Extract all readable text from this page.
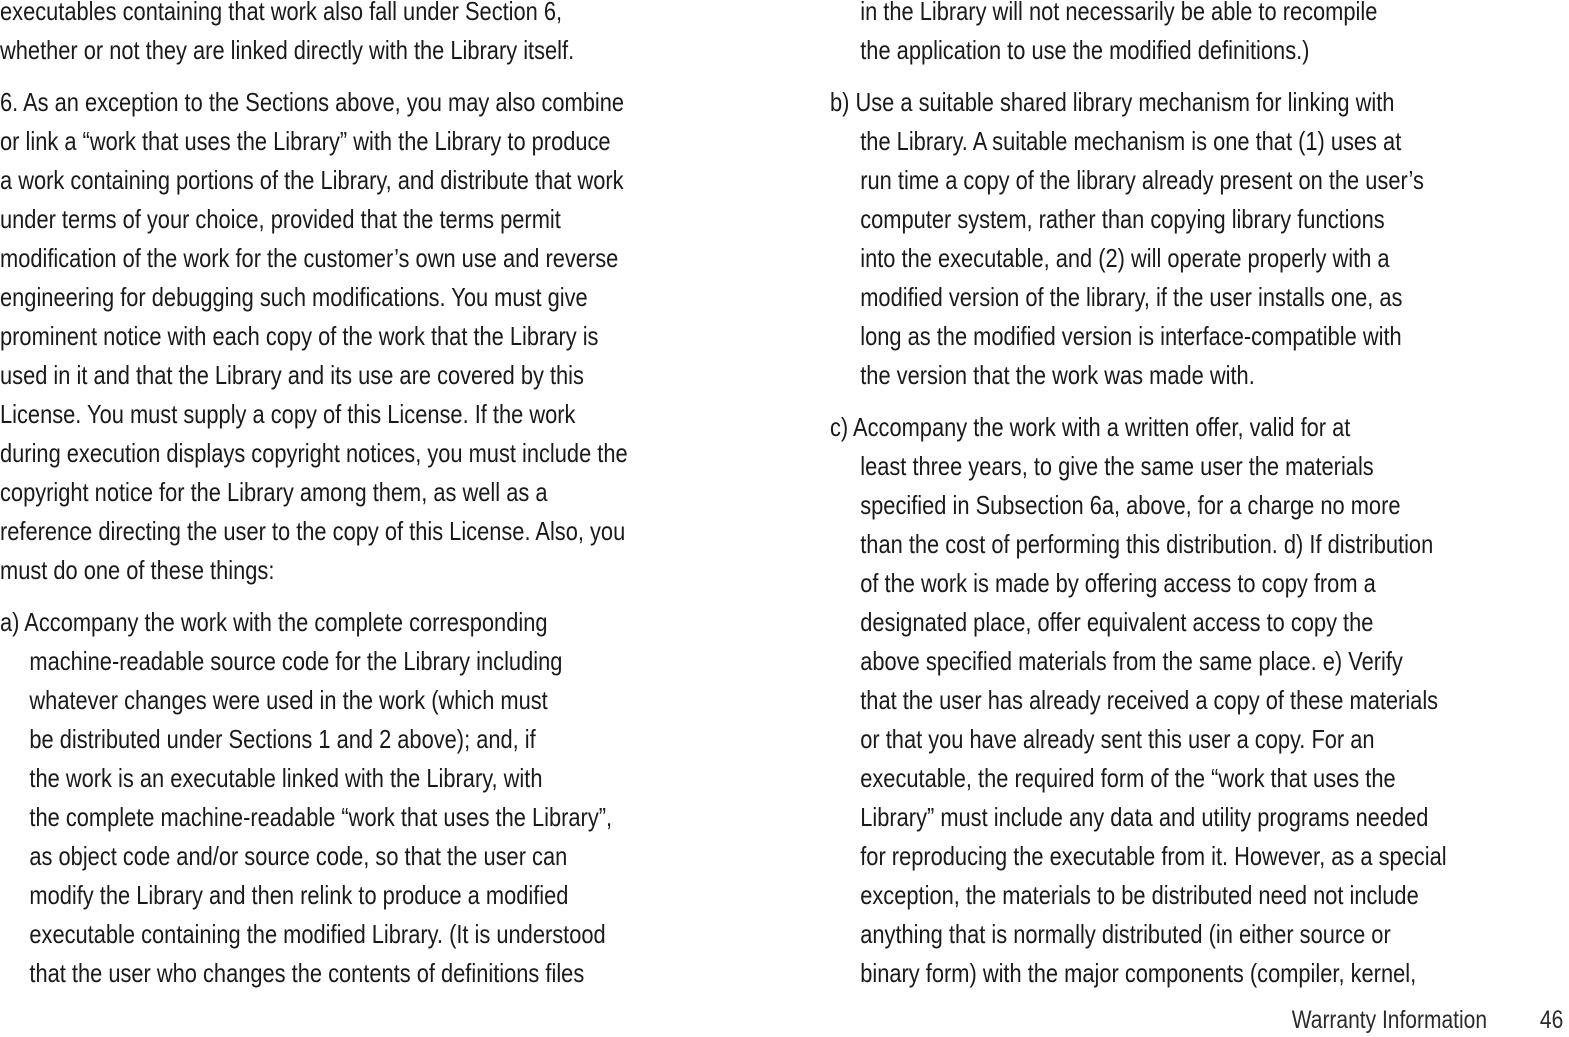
executables containing that work also fall under Section 6,
whether or not they are linked directly with the Library itself.
6. As an exception to the Sections above, you may also combine
or link a “work that uses the Library” with the Library to produce
a work containing portions of the Library, and distribute that work
under terms of your choice, provided that the terms permit
modification of the work for the customer’s own use and reverse
engineering for debugging such modifications. You must give
prominent notice with each copy of the work that the Library is
used in it and that the Library and its use are covered by this
License. You must supply a copy of this License. If the work
during execution displays copyright notices, you must include the
copyright notice for the Library among them, as well as a
reference directing the user to the copy of this License. Also, you
must do one of these things:
a) Accompany the work with the complete corresponding
machine-readable source code for the Library including
whatever changes were used in the work (which must
be distributed under Sections 1 and 2 above); and, if
the work is an executable linked with the Library, with
the complete machine-readable “work that uses the Library”,
as object code and/or source code, so that the user can
modify the Library and then relink to produce a modified
executable containing the modified Library. (It is understood
that the user who changes the contents of definitions files
in the Library will not necessarily be able to recompile
the application to use the modified definitions.)
b) Use a suitable shared library mechanism for linking with
the Library. A suitable mechanism is one that (1) uses at
run time a copy of the library already present on the user’s
computer system, rather than copying library functions
into the executable, and (2) will operate properly with a
modified version of the library, if the user installs one, as
long as the modified version is interface-compatible with
the version that the work was made with.
c) Accompany the work with a written offer, valid for at
least three years, to give the same user the materials
specified in Subsection 6a, above, for a charge no more
than the cost of performing this distribution. d) If distribution
of the work is made by offering access to copy from a
designated place, offer equivalent access to copy the
above specified materials from the same place. e) Verify
that the user has already received a copy of these materials
or that you have already sent this user a copy. For an
executable, the required form of the “work that uses the
Library” must include any data and utility programs needed
for reproducing the executable from it. However, as a special
exception, the materials to be distributed need not include
anything that is normally distributed (in either source or
binary form) with the major components (compiler, kernel,
Warranty Information 46
